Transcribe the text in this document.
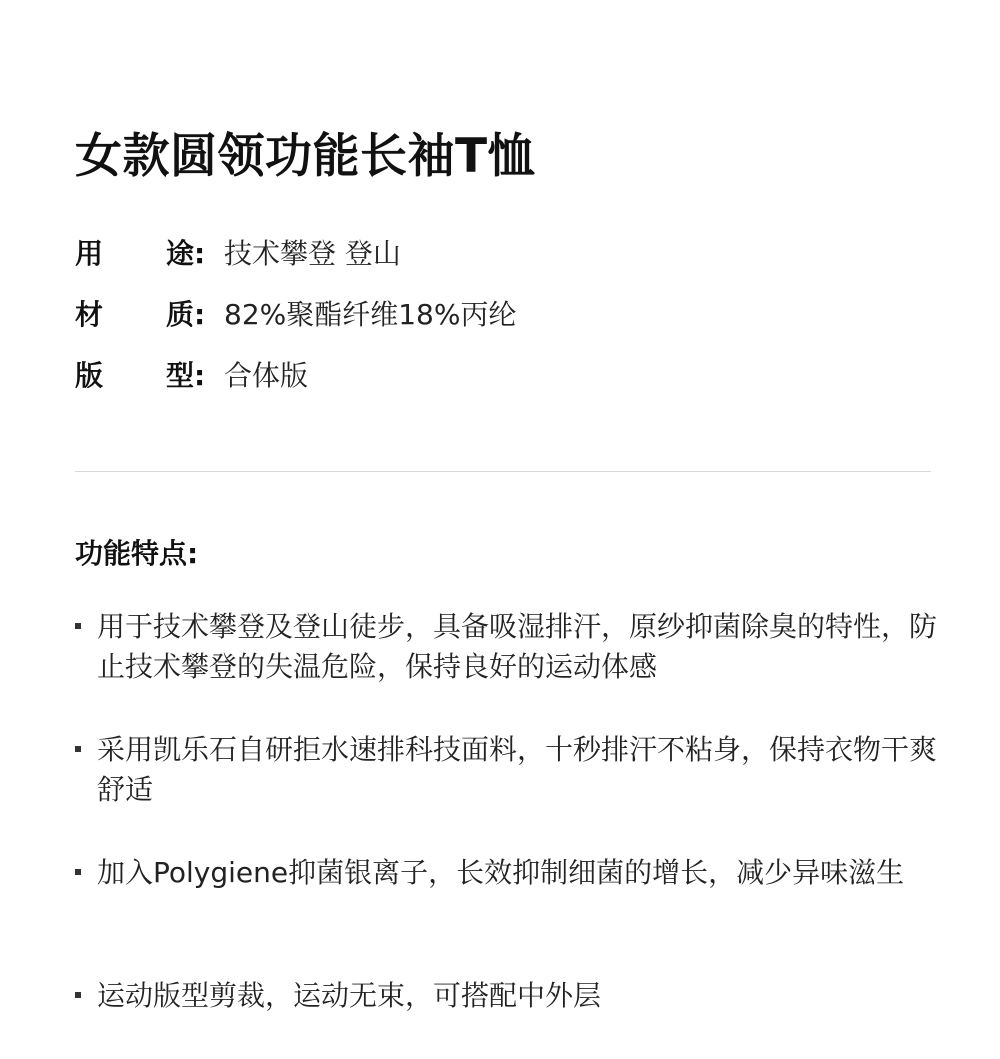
女款圆领功能长袖T恤
用 途: 技术攀登 登山
材 质: 82%聚酯纤维18%丙纶
版 型: 合体版
功能特点:
用于技术攀登及登山徒步，具备吸湿排汗，原纱抑菌除臭的特性，防止技术攀登的失温危险，保持良好的运动体感
采用凯乐石自研拒水速排科技面料，十秒排汗不粘身，保持衣物干爽舒适
加入Polygiene抑菌银离子，长效抑制细菌的增长，减少异味滋生
运动版型剪裁，运动无束，可搭配中外层
